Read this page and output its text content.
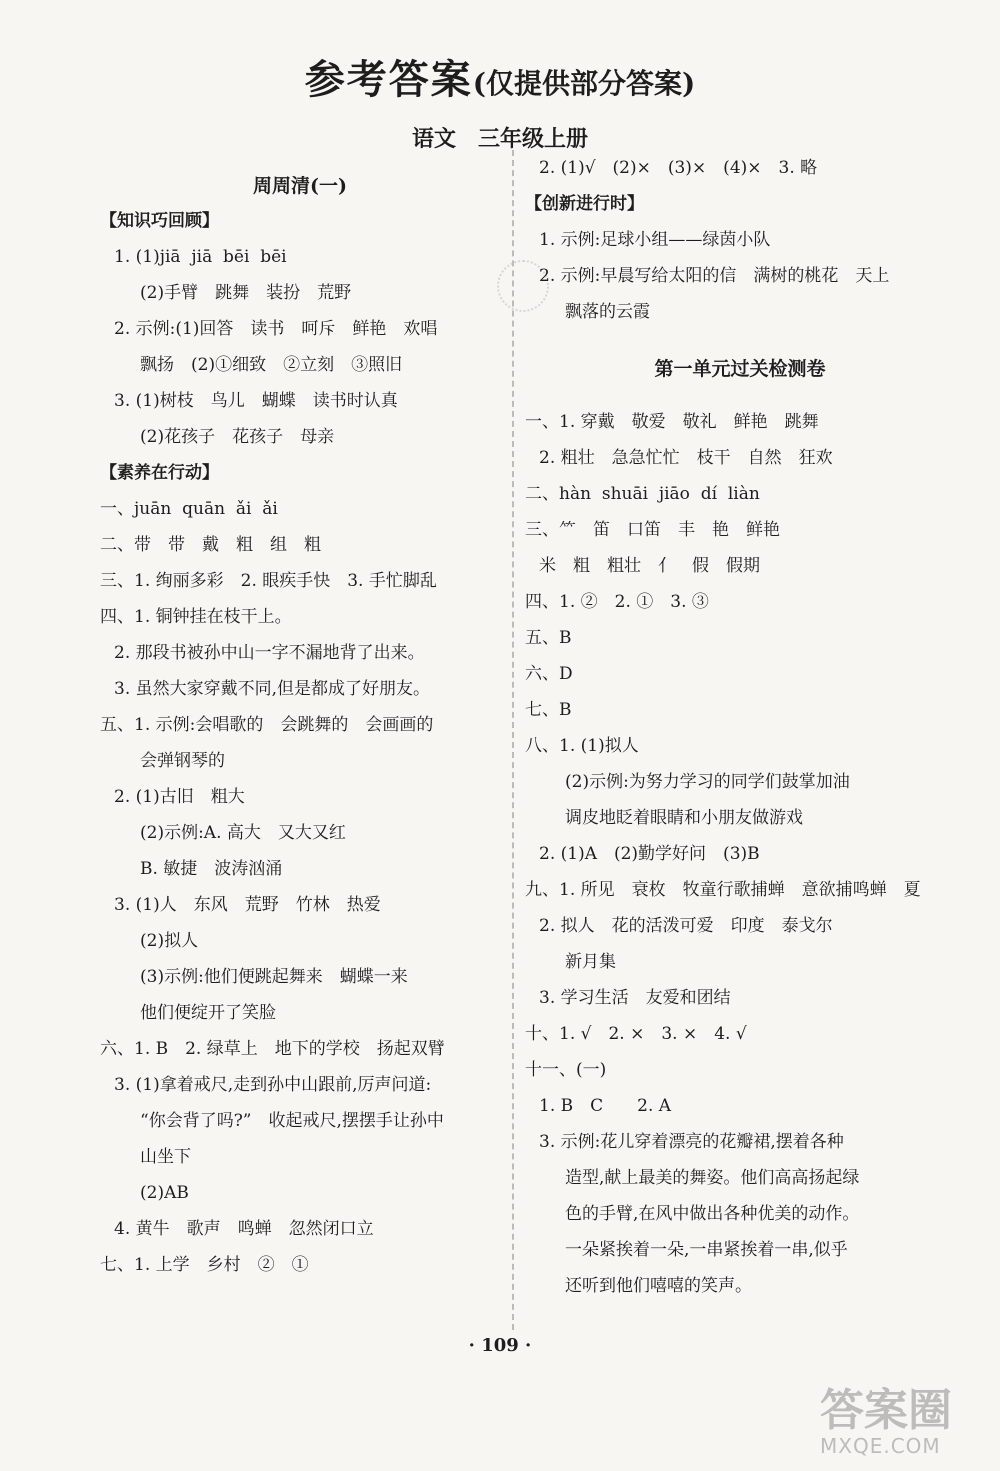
参考答案(仅提供部分答案)
语文　三年级上册
周周清(一)
【知识巧回顾】
1. (1)jiā  jiā  bēi  bēi
(2)手臂　跳舞　装扮　荒野
2. 示例:(1)回答　读书　呵斥　鲜艳　欢唱
飘扬　(2)①细致　②立刻　③照旧
3. (1)树枝　鸟儿　蝴蝶　读书时认真
(2)花孩子　花孩子　母亲
【素养在行动】
一、juān  quān  ǎi  ǎi
二、带　带　戴　粗　组　粗
三、1. 绚丽多彩　2. 眼疾手快　3. 手忙脚乱
四、1. 铜钟挂在枝干上。
2. 那段书被孙中山一字不漏地背了出来。
3. 虽然大家穿戴不同,但是都成了好朋友。
五、1. 示例:会唱歌的　会跳舞的　会画画的
会弹钢琴的
2. (1)古旧　粗大
(2)示例:A. 高大　又大又红
B. 敏捷　波涛汹涌
3. (1)人　东风　荒野　竹林　热爱
(2)拟人
(3)示例:他们便跳起舞来　蝴蝶一来
他们便绽开了笑脸
六、1. B　2. 绿草上　地下的学校　扬起双臂
3. (1)拿着戒尺,走到孙中山跟前,厉声问道:
“你会背了吗?”　收起戒尺,摆摆手让孙中
山坐下
(2)AB
4. 黄牛　歌声　鸣蝉　忽然闭口立
七、1. 上学　乡村　②　①
2. (1)√　(2)×　(3)×　(4)×　3. 略
【创新进行时】
1. 示例:足球小组——绿茵小队
2. 示例:早晨写给太阳的信　满树的桃花　天上
飘落的云霞
第一单元过关检测卷
一、1. 穿戴　敬爱　敬礼　鲜艳　跳舞
2. 粗壮　急急忙忙　枝干　自然　狂欢
二、hàn  shuāi  jiāo  dí  liàn
三、⺮　笛　口笛　丰　艳　鲜艳
米　粗　粗壮　亻　假　假期
四、1. ②　2. ①　3. ③
五、B
六、D
七、B
八、1. (1)拟人
(2)示例:为努力学习的同学们鼓掌加油
调皮地眨着眼睛和小朋友做游戏
2. (1)A　(2)勤学好问　(3)B
九、1. 所见　衰枚　牧童行歌捕蝉　意欲捕鸣蝉　夏
2. 拟人　花的活泼可爱　印度　泰戈尔
新月集
3. 学习生活　友爱和团结
十、1. √　2. ×　3. ×　4. √
十一、(一)
1. B　C　　2. A
3. 示例:花儿穿着漂亮的花瓣裙,摆着各种
造型,献上最美的舞姿。他们高高扬起绿
色的手臂,在风中做出各种优美的动作。
一朵紧挨着一朵,一串紧挨着一串,似乎
还听到他们嘻嘻的笑声。
· 109 ·
答案圈
MXQE.COM
